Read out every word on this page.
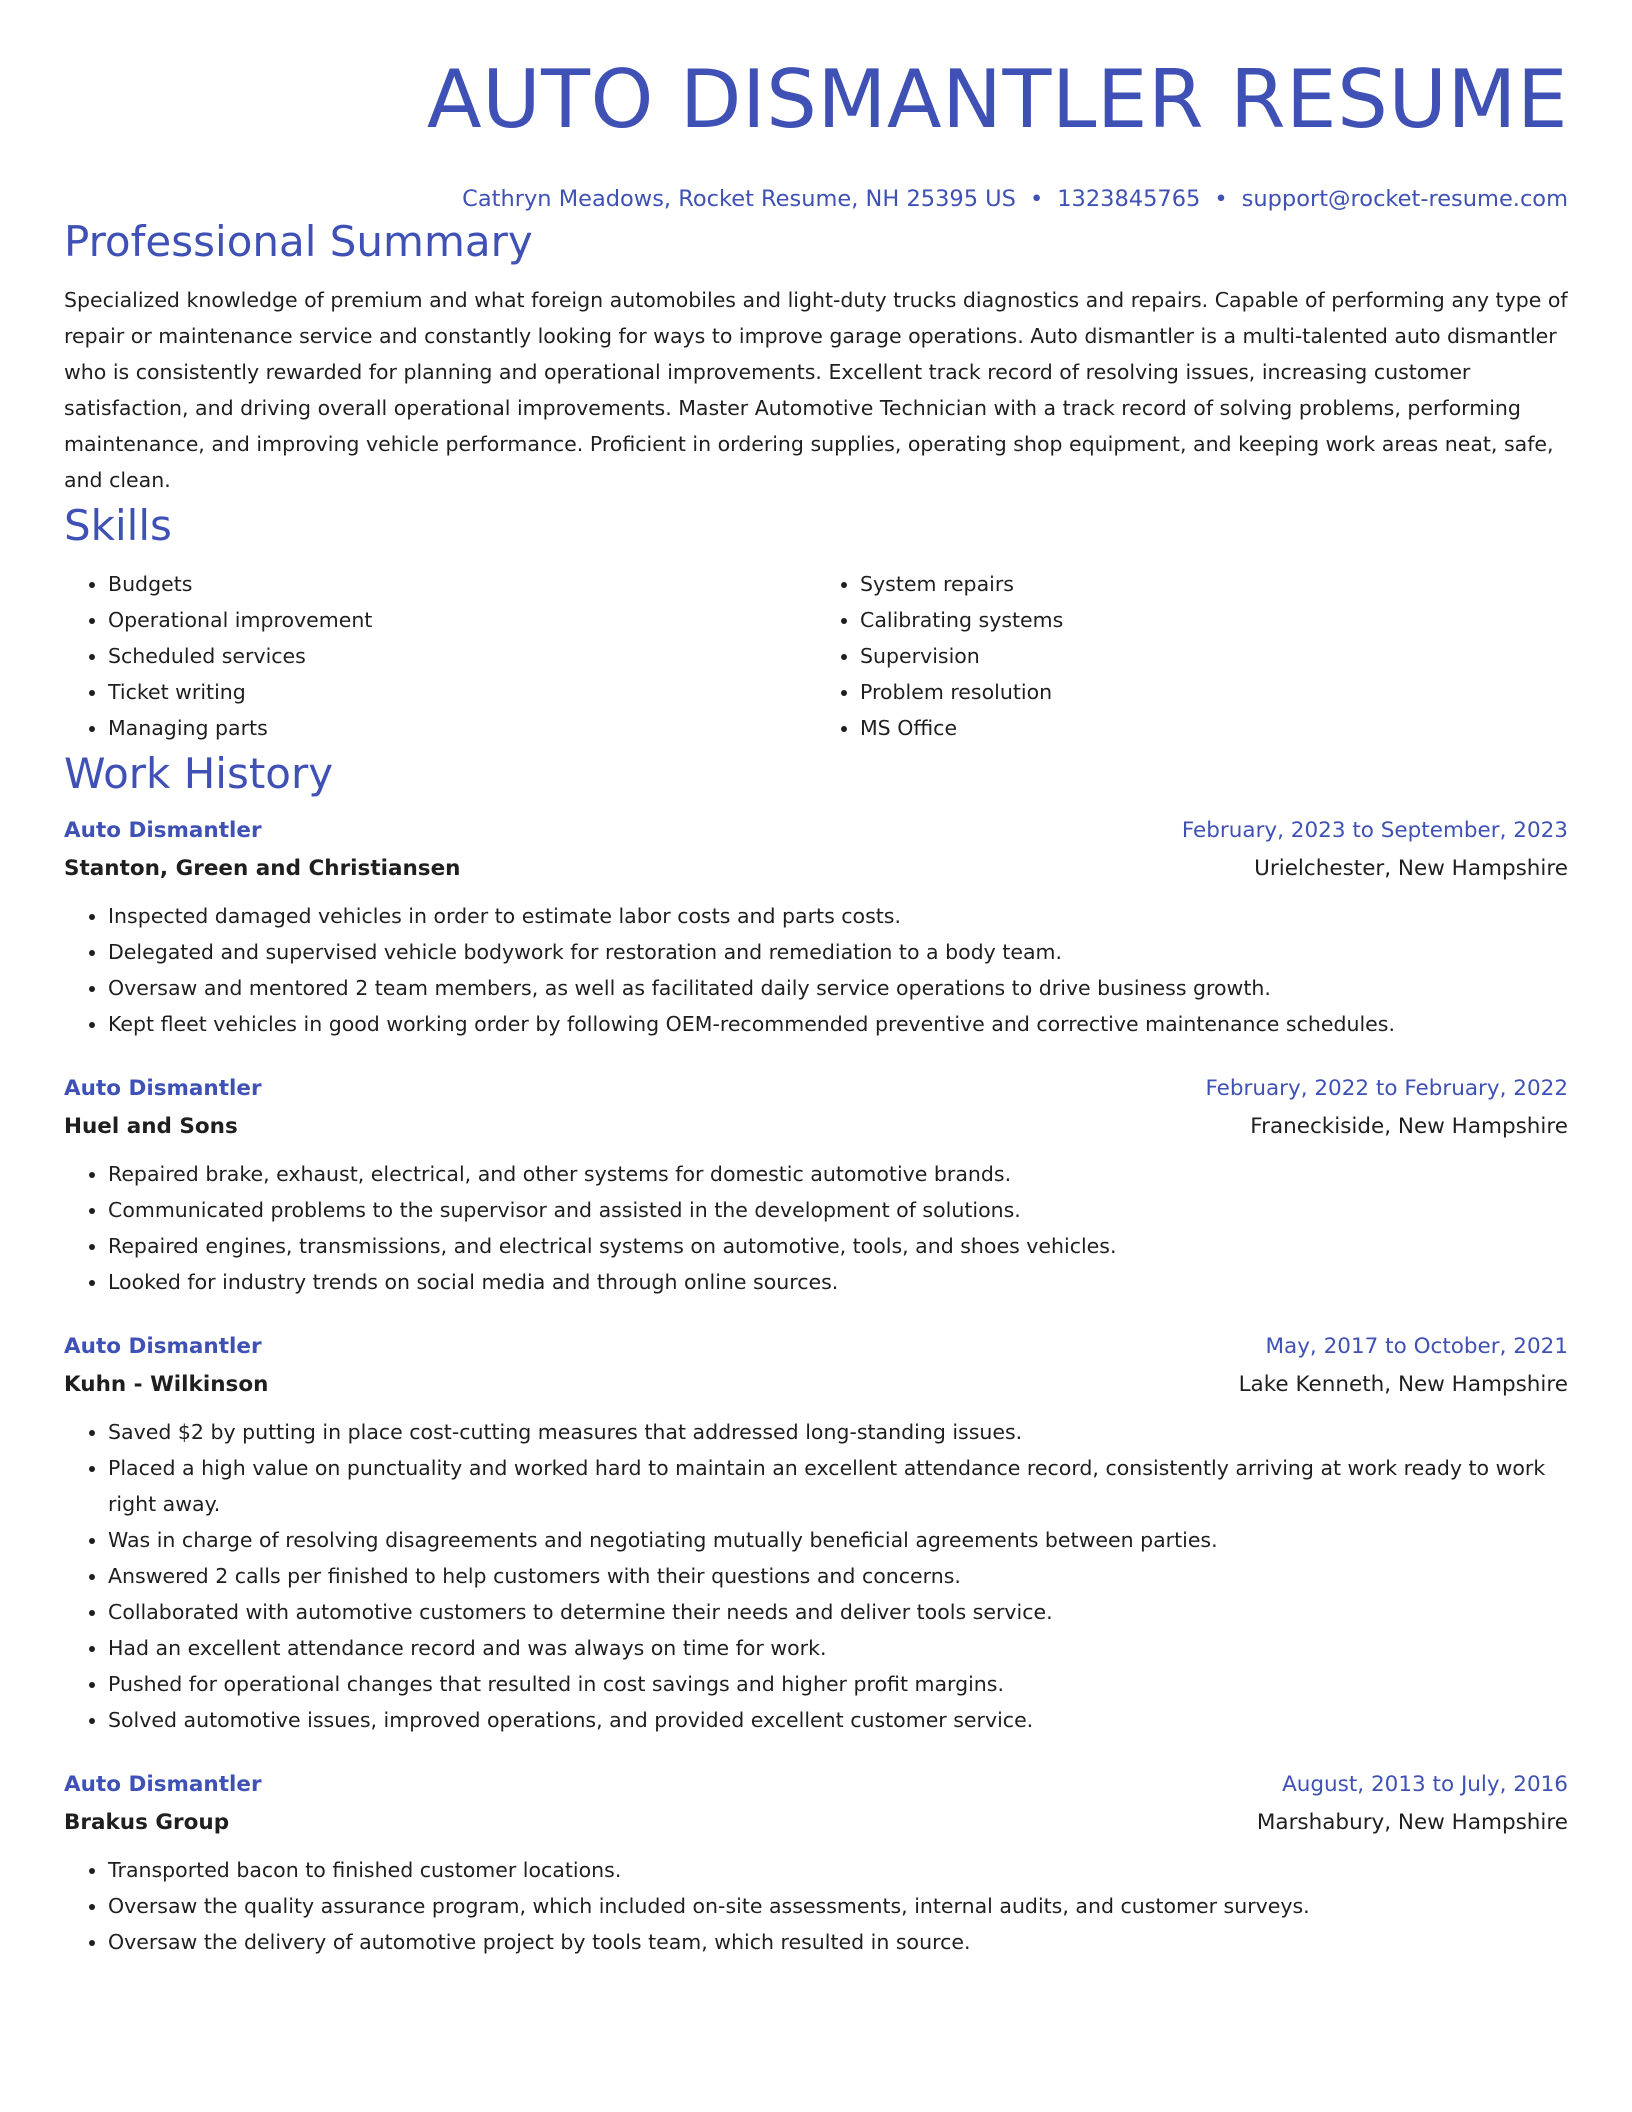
AUTO DISMANTLER RESUME
Cathryn Meadows, Rocket Resume, NH 25395 US • 1323845765 • support@rocket-resume.com
Professional Summary

Specialized knowledge of premium and what foreign automobiles and light-duty trucks diagnostics and repairs. Capable of performing any type of repair or maintenance service and constantly looking for ways to improve garage operations. Auto dismantler is a multi-talented auto dismantler who is consistently rewarded for planning and operational improvements. Excellent track record of resolving issues, increasing customer satisfaction, and driving overall operational improvements. Master Automotive Technician with a track record of solving problems, performing maintenance, and improving vehicle performance. Proficient in ordering supplies, operating shop equipment, and keeping work areas neat, safe, and clean.

Skills
• Budgets
• Operational improvement
• Scheduled services
• Ticket writing
• Managing parts
• System repairs
• Calibrating systems
• Supervision
• Problem resolution
• MS Office
Work History
Auto Dismantler	February, 2023 to September, 2023
Stanton, Green and Christiansen	Urielchester, New Hampshire
• Inspected damaged vehicles in order to estimate labor costs and parts costs.
• Delegated and supervised vehicle bodywork for restoration and remediation to a body team.
• Oversaw and mentored 2 team members, as well as facilitated daily service operations to drive business growth.
• Kept fleet vehicles in good working order by following OEM-recommended preventive and corrective maintenance schedules.
Auto Dismantler	February, 2022 to February, 2022
Huel and Sons	Franeckiside, New Hampshire
• Repaired brake, exhaust, electrical, and other systems for domestic automotive brands.
• Communicated problems to the supervisor and assisted in the development of solutions.
• Repaired engines, transmissions, and electrical systems on automotive, tools, and shoes vehicles.
• Looked for industry trends on social media and through online sources.
Auto Dismantler	May, 2017 to October, 2021
Kuhn - Wilkinson	Lake Kenneth, New Hampshire
• Saved $2 by putting in place cost-cutting measures that addressed long-standing issues.
• Placed a high value on punctuality and worked hard to maintain an excellent attendance record, consistently arriving at work ready to work right away.
• Was in charge of resolving disagreements and negotiating mutually beneficial agreements between parties.
• Answered 2 calls per finished to help customers with their questions and concerns.
• Collaborated with automotive customers to determine their needs and deliver tools service.
• Had an excellent attendance record and was always on time for work.
• Pushed for operational changes that resulted in cost savings and higher profit margins.
• Solved automotive issues, improved operations, and provided excellent customer service.
Auto Dismantler	August, 2013 to July, 2016
Brakus Group	Marshabury, New Hampshire
• Transported bacon to finished customer locations.
• Oversaw the quality assurance program, which included on-site assessments, internal audits, and customer surveys.
• Oversaw the delivery of automotive project by tools team, which resulted in source.
